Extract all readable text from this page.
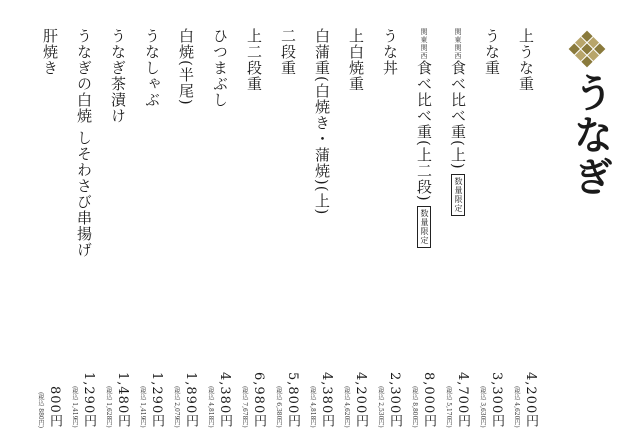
うなぎ
上うな重
(税込 4,620円) 4,200円
うな重
(税込 3,630円) 3,300円
関東関西食べ比べ重(上)数量限定
(税込 5,170円) 4,700円
関東関西食べ比べ重(上二段)数量限定
(税込 8,800円) 8,000円
うな丼
(税込 2,530円) 2,300円
上白焼重
(税込 4,620円) 4,200円
白蒲重(白焼き・蒲焼)(上)
(税込 4,818円) 4,380円
二段重
(税込 6,380円) 5,800円
上二段重
(税込 7,678円) 6,980円
ひつまぶし
(税込 4,818円) 4,380円
白焼(半尾)
(税込 2,079円) 1,890円
うなしゃぶ
(税込 1,419円) 1,290円
うなぎ茶漬け
(税込 1,628円) 1,480円
うなぎの白焼 しそわさび串揚げ
(税込 1,419円) 1,290円
肝焼き
(税込 880円) 800円
